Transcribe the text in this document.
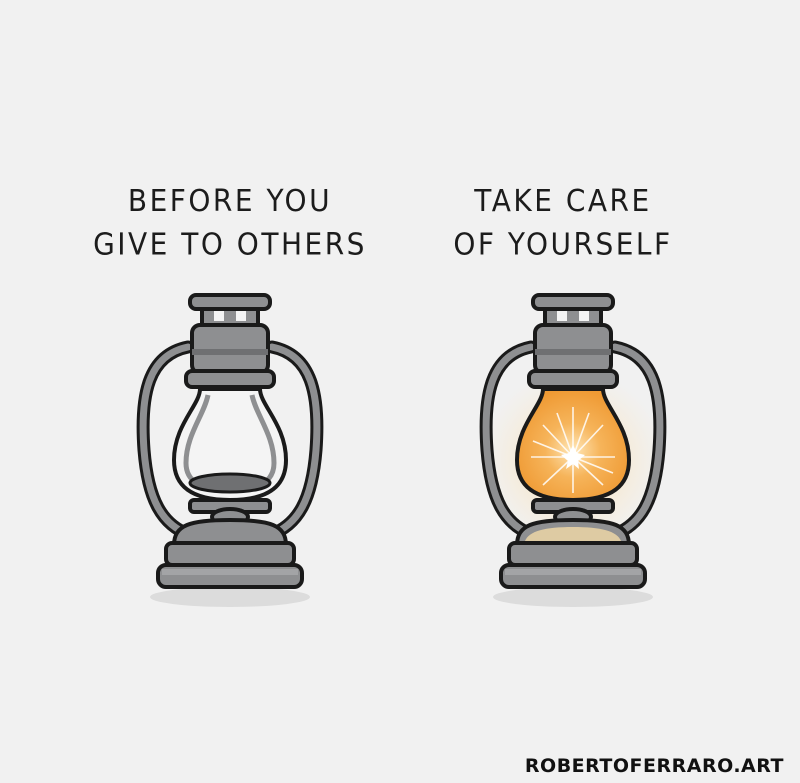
BEFORE YOU
GIVE TO OTHERS
TAKE CARE
OF YOURSELF
ROBERTOFERRARO.ART
